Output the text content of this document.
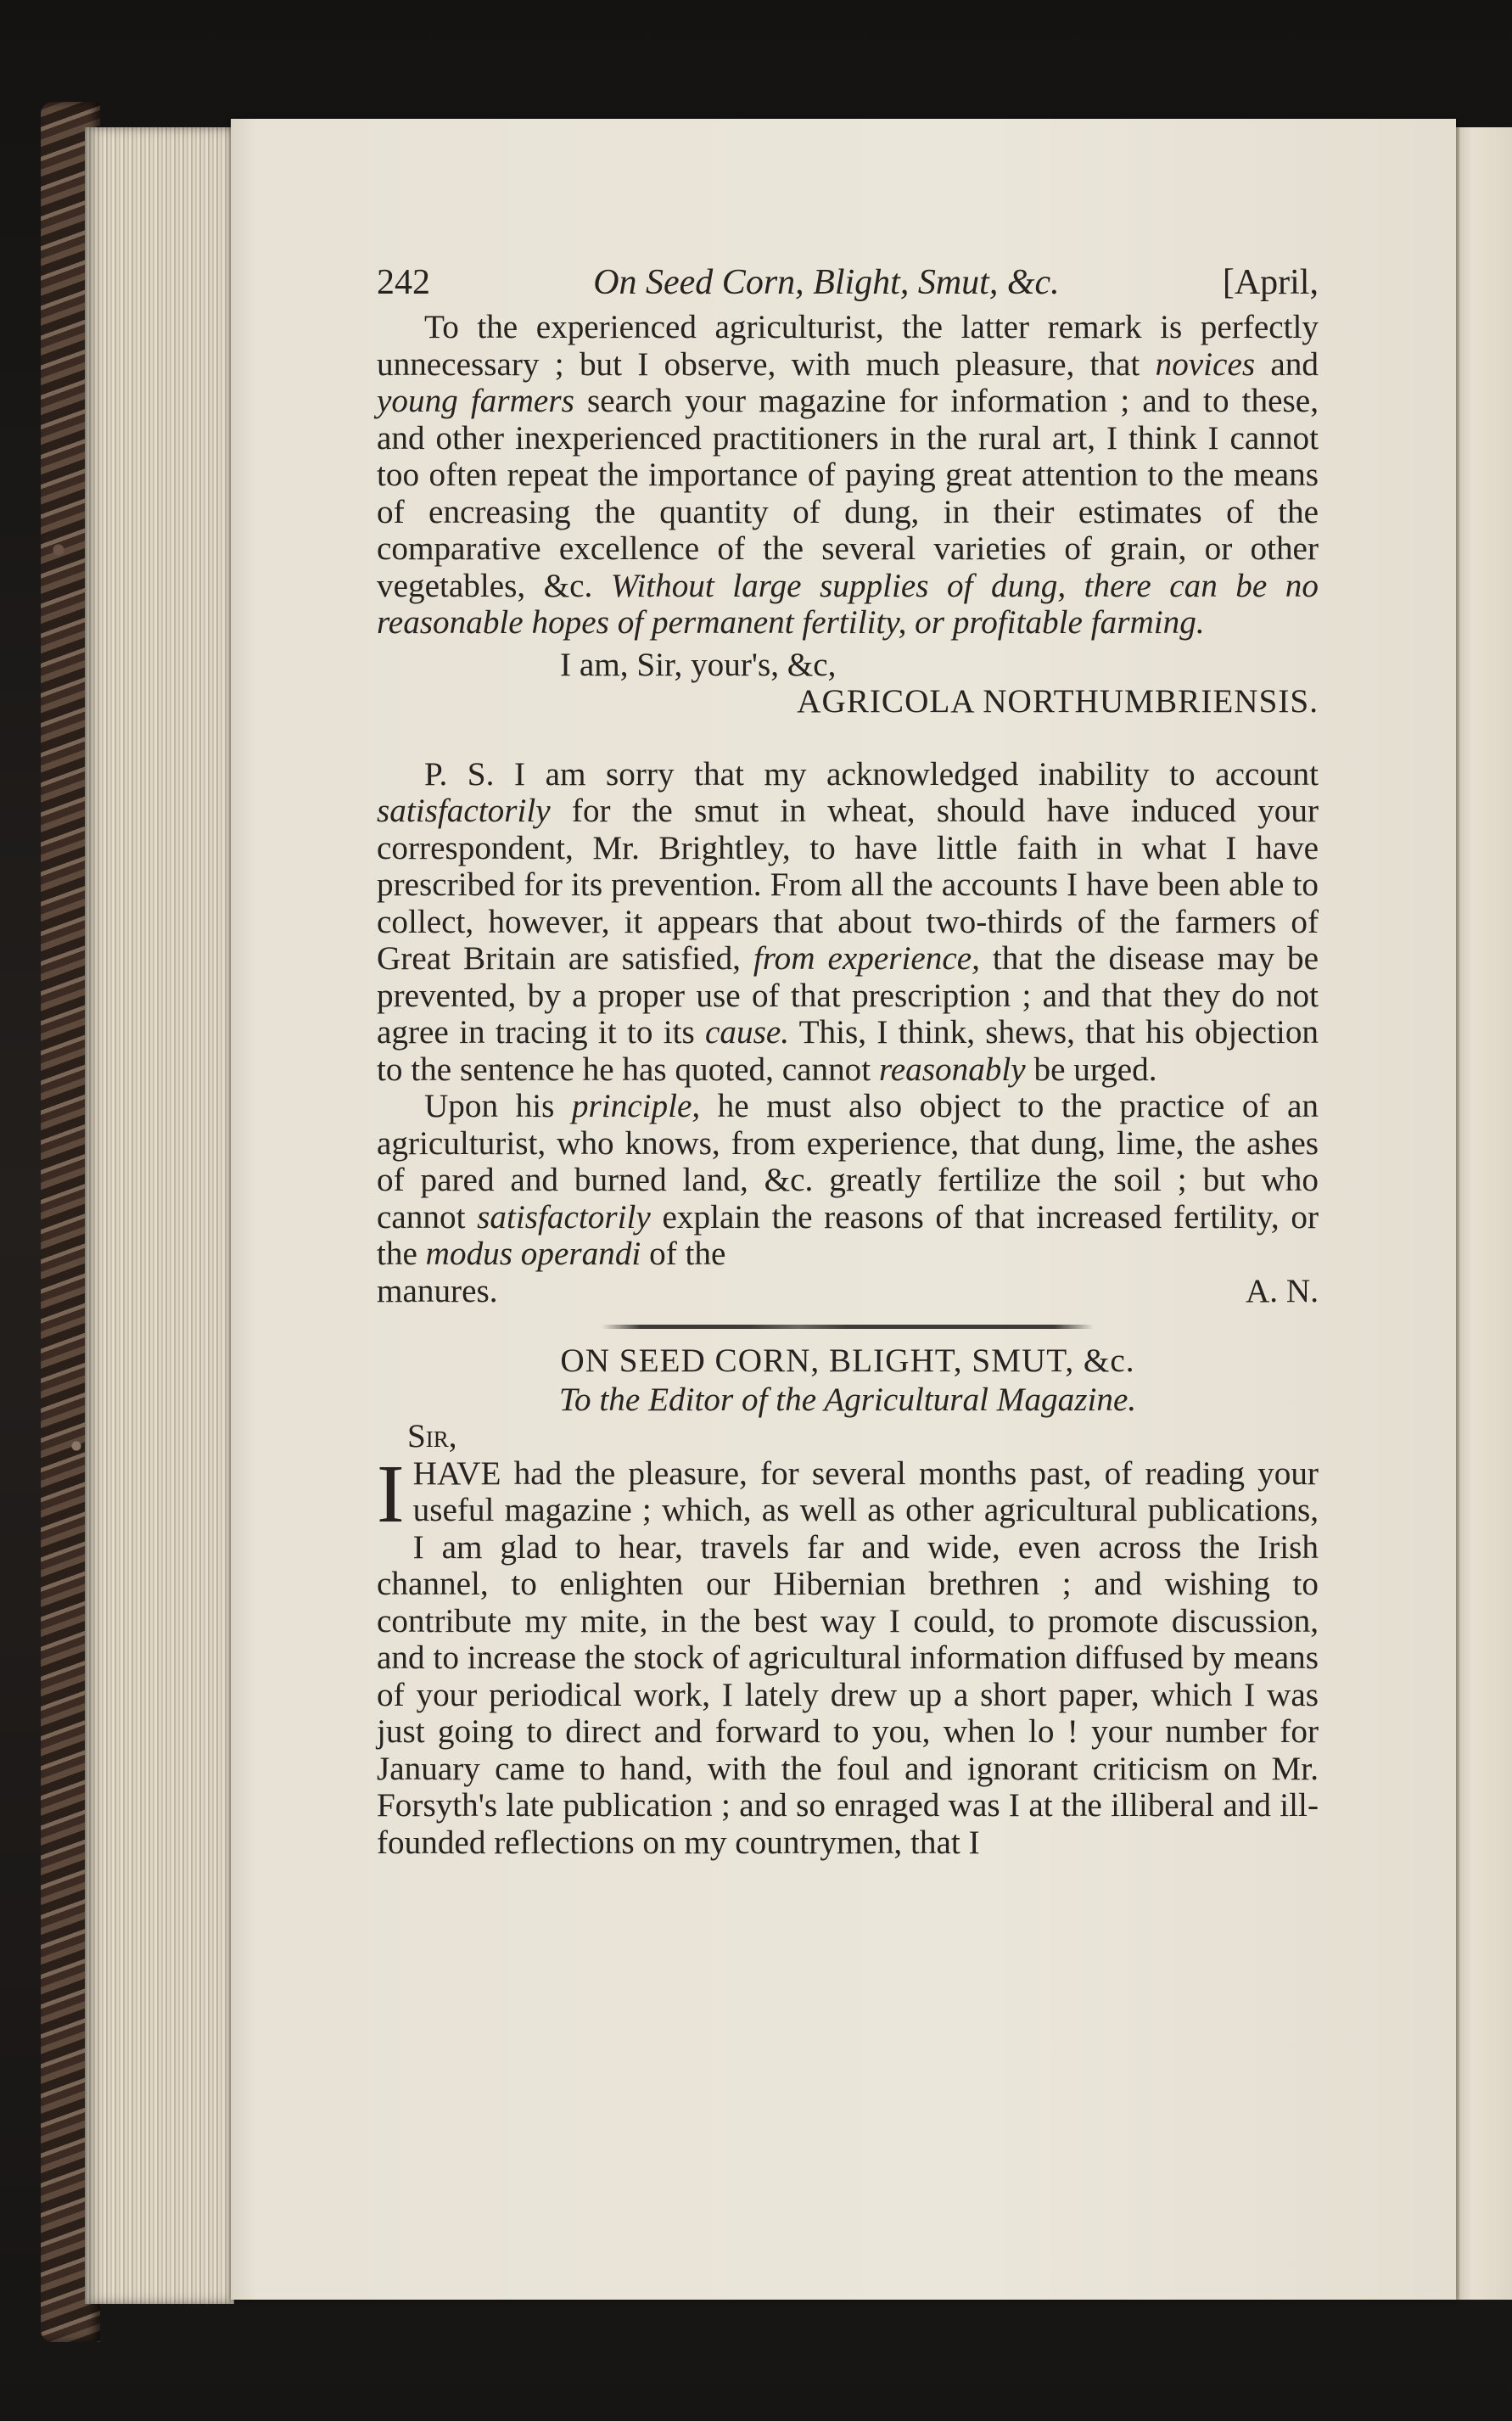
242	On Seed Corn, Blight, Smut, &c.	[April,

To the experienced agriculturist, the latter remark is perfectly unnecessary ; but I observe, with much pleasure, that novices and young farmers search your magazine for information ; and to these, and other inexperienced practitioners in the rural art, I think I cannot too often repeat the importance of paying great attention to the means of encreasing the quantity of dung, in their estimates of the comparative excellence of the several varieties of grain, or other vegetables, &c. Without large supplies of dung, there can be no reasonable hopes of permanent fertility, or profitable farming.

I am, Sir, your's, &c,
AGRICOLA NORTHUMBRIENSIS.

P. S. I am sorry that my acknowledged inability to account satisfactorily for the smut in wheat, should have induced your correspondent, Mr. Brightley, to have little faith in what I have prescribed for its prevention. From all the accounts I have been able to collect, however, it appears that about two-thirds of the farmers of Great Britain are satisfied, from experience, that the disease may be prevented, by a proper use of that prescription ; and that they do not agree in tracing it to its cause. This, I think, shews, that his objection to the sentence he has quoted, cannot reasonably be urged.

Upon his principle, he must also object to the practice of an agriculturist, who knows, from experience, that dung, lime, the ashes of pared and burned land, &c. greatly fertilize the soil ; but who cannot satisfactorily explain the reasons of that increased fertility, or the modus operandi of the

manures.	A. N.
ON SEED CORN, BLIGHT, SMUT, &c.
To the Editor of the Agricultural Magazine.
Sir,

IHAVE had the pleasure, for several months past, of reading your useful magazine ; which, as well as other agricultural publications, I am glad to hear, travels far and wide, even across the Irish channel, to enlighten our Hibernian brethren ; and wishing to contribute my mite, in the best way I could, to promote discussion, and to increase the stock of agricultural information diffused by means of your periodical work, I lately drew up a short paper, which I was just going to direct and forward to you, when lo ! your number for January came to hand, with the foul and ignorant criticism on Mr. Forsyth's late publication ; and so enraged was I at the illiberal and ill-founded reflections on my countrymen, that I
